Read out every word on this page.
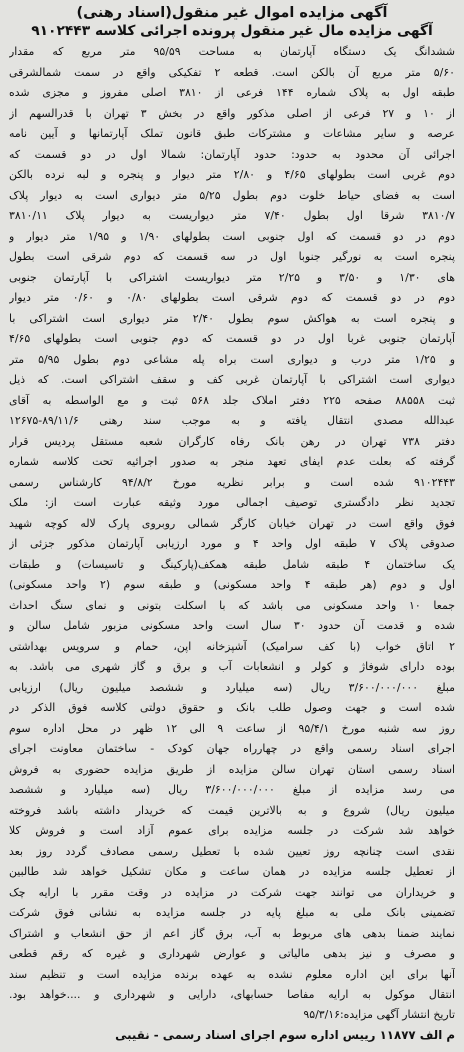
آگهی مزایده اموال غیر منقول(اسناد رهنی)

آگهی مزایده مال غیر منقول پرونده اجرائی کلاسه ۹۱۰۲۴۴۳

ششدانگ یک دستگاه آپارتمان به مساحت ۹۵/۵۹ متر مربع که مقدار
۵/۶۰ متر مربع آن بالکن است. قطعه ۲ تفکیکی واقع در سمت شمالشرقی
طبقه اول به پلاک شماره ۱۴۴ فرعی از ۳۸۱۰ اصلی مفروز و مجزی شده
از ۱۰ و ۲۷ فرعی از اصلی مذکور واقع در بخش ۳ تهران با قدرالسهم از
عرصه و سایر مشاعات و مشترکات طبق قانون تملک آپارتمانها و آیین نامه
اجرائی آن محدود به حدود: حدود آپارتمان: شمالا اول در دو قسمت که
دوم غربی است بطولهای ۴/۶۵ و ۲/۸۰ متر دیوار و پنجره و لبه نرده بالکن
است به فضای حیاط خلوت دوم بطول ۵/۲۵ متر دیواری است به دیوار پلاک
۳۸۱۰/۷ شرقا اول بطول ۷/۴۰ متر دیواریست به دیوار پلاک ۳۸۱۰/۱۱
دوم در دو قسمت که اول جنوبی است بطولهای ۱/۹۰ و ۱/۹۵ متر دیوار و
پنجره است به نورگیر جنوبا اول در سه قسمت که دوم شرقی است بطول
های ۱/۳۰ و ۳/۵۰ و ۲/۲۵ متر دیواریست اشتراکی با آپارتمان جنوبی
دوم در دو قسمت که دوم شرقی است بطولهای ۰/۸۰ و ۰/۶۰ متر دیوار
و پنجره است به هواکش سوم بطول ۲/۴۰ متر دیواری است اشتراکی با
آپارتمان جنوبی غربا اول در دو قسمت که دوم جنوبی است بطولهای ۴/۶۵
و ۱/۲۵ متر درب و دیواری است براه پله مشاعی دوم بطول ۵/۹۵ متر
دیواری است اشتراکی با آپارتمان غربی کف و سقف اشتراکی است. که ذیل
ثبت ۸۸۵۵۸ صفحه ۲۲۵ دفتر املاک جلد ۵۶۸ ثبت و مع الواسطه به آقای
عبدالله مصدی انتقال یافته و به موجب سند رهنی ۸۹/۱۱/۶-۱۲۶۷۵
دفتر ۷۳۸ تهران در رهن بانک رفاه کارگران شعبه مستقل پردیس قرار
گرفته که بعلت عدم ایفای تعهد منجر به صدور اجرائیه تحت کلاسه شماره
۹۱۰۲۴۴۳ شده است و برابر نظریه مورخ ۹۴/۸/۲ کارشناس رسمی
تجدید نظر دادگستری توصیف اجمالی مورد وثیقه عبارت است از: ملک
فوق واقع است در تهران خیابان کارگر شمالی روبروی پارک لاله کوچه شهید
صدوقی پلاک ۷ طبقه اول واحد ۴ و مورد ارزیابی آپارتمان مذکور جزئی از
یک ساختمان ۴ طبقه شامل طبقه همکف(پارکینگ و تاسیسات) و طبقات
اول و دوم (هر طبقه ۴ واحد مسکونی) و طبقه سوم (۲ واحد مسکونی)
جمعا ۱۰ واحد مسکونی می باشد که با اسکلت بتونی و نمای سنگ احداث
شده و قدمت آن حدود ۳۰ سال است واحد مسکونی مزبور شامل سالن و
۲ اتاق خواب (با کف سرامیک) آشپزخانه اپن، حمام و سرویس بهداشتی
بوده دارای شوفاژ و کولر و انشعابات آب و برق و گاز شهری می باشد. به
مبلغ ۳/۶۰۰/۰۰۰/۰۰۰ ریال (سه میلیارد و ششصد میلیون ریال) ارزیابی
شده است و جهت وصول طلب بانک و حقوق دولتی کلاسه فوق الذکر در
روز سه شنبه مورخ ۹۵/۴/۱ از ساعت ۹ الی ۱۲ ظهر در محل اداره سوم
اجرای اسناد رسمی واقع در چهارراه جهان کودک - ساختمان معاونت اجرای
اسناد رسمی استان تهران سالن مزایده از طریق مزایده حضوری به فروش
می رسد مزایده از مبلغ ۳/۶۰۰/۰۰۰/۰۰۰ ریال (سه میلیارد و ششصد
میلیون ریال) شروع و به بالاترین قیمت که خریدار داشته باشد فروخته
خواهد شد شرکت در جلسه مزایده برای عموم آزاد است و فروش کلا
نقدی است چنانچه روز تعیین شده با تعطیل رسمی مصادف گردد روز بعد
از تعطیل جلسه مزایده در همان ساعت و مکان تشکیل خواهد شد طالبین
و خریداران می توانند جهت شرکت در مزایده در وقت مقرر با ارایه چک
تضمینی بانک ملی به مبلغ پایه در جلسه مزایده به نشانی فوق شرکت
نمایند ضمنا بدهی های مربوط به آب، برق گاز اعم از حق انشعاب و اشتراک
و مصرف و نیز بدهی مالیاتی و عوارض شهرداری و غیره که رقم قطعی
آنها برای این اداره معلوم نشده به عهده برنده مزایده است و تنظیم سند
انتقال موکول به ارایه مفاصا حسابهای، دارایی و شهرداری و ....خواهد بود.

تاریخ انتشار آگهی مزایده:۹۵/۳/۱۶

م الف ۱۱۸۷۷ رییس اداره سوم اجرای اسناد رسمی - نقیبی
